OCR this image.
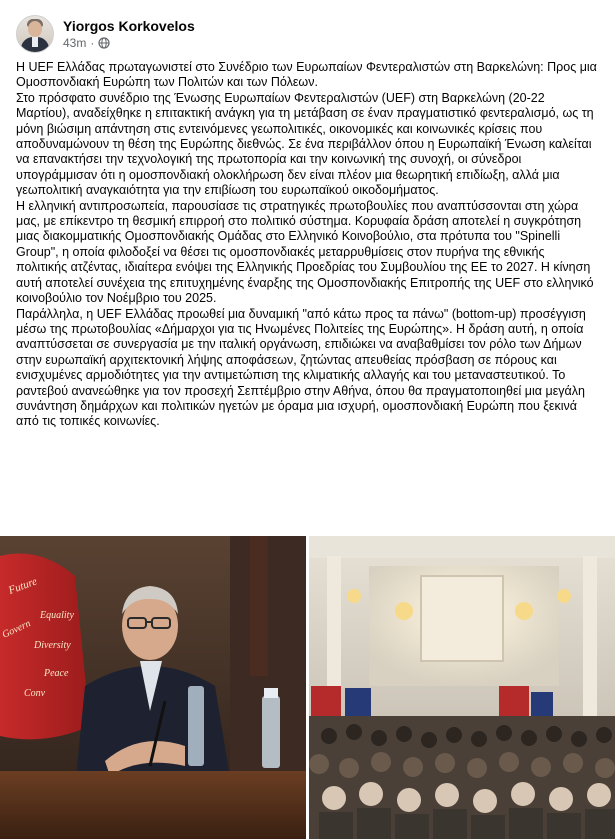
Yiorgos Korkovelos
43m ·

Η UEF Ελλάδας πρωταγωνιστεί στο Συνέδριο των Ευρωπαίων Φεντεραλιστών στη Βαρκελώνη: Προς μια Ομοσπονδιακή Ευρώπη των Πολιτών και των Πόλεων.

Στο πρόσφατο συνέδριο της Ένωσης Ευρωπαίων Φεντεραλιστών (UEF) στη Βαρκελώνη (20-22 Μαρτίου), αναδείχθηκε η επιτακτική ανάγκη για τη μετάβαση σε έναν πραγματιστικό φεντεραλισμό, ως τη μόνη βιώσιμη απάντηση στις εντεινόμενες γεωπολιτικές, οικονομικές και κοινωνικές κρίσεις που αποδυναμώνουν τη θέση της Ευρώπης διεθνώς. Σε ένα περιβάλλον όπου η Ευρωπαϊκή Ένωση καλείται να επανακτήσει την τεχνολογική της πρωτοπορία και την κοινωνική της συνοχή, οι σύνεδροι υπογράμμισαν ότι η ομοσπονδιακή ολοκλήρωση δεν είναι πλέον μια θεωρητική επιδίωξη, αλλά μια γεωπολιτική αναγκαιότητα για την επιβίωση του ευρωπαϊκού οικοδομήματος.

Η ελληνική αντιπροσωπεία, παρουσίασε τις στρατηγικές πρωτοβουλίες που αναπτύσσονται στη χώρα μας, με επίκεντρο τη θεσμική επιρροή στο πολιτικό σύστημα. Κορυφαία δράση αποτελεί η συγκρότηση μιας διακομματικής Ομοσπονδιακής Ομάδας στο Ελληνικό Κοινοβούλιο, στα πρότυπα του "Spinelli Group", η οποία φιλοδοξεί να θέσει τις ομοσπονδιακές μεταρρυθμίσεις στον πυρήνα της εθνικής πολιτικής ατζέντας, ιδιαίτερα ενόψει της Ελληνικής Προεδρίας του Συμβουλίου της ΕΕ το 2027. Η κίνηση αυτή αποτελεί συνέχεια της επιτυχημένης έναρξης της Ομοσπονδιακής Επιτροπής της UEF στο ελληνικό κοινοβούλιο τον Νοέμβριο του 2025.

Παράλληλα, η UEF Ελλάδας προωθεί μια δυναμική "από κάτω προς τα πάνω" (bottom-up) προσέγγιση μέσω της πρωτοβουλίας «Δήμαρχοι για τις Ηνωμένες Πολιτείες της Ευρώπης». Η δράση αυτή, η οποία αναπτύσσεται σε συνεργασία με την ιταλική οργάνωση, επιδιώκει να αναβαθμίσει τον ρόλο των Δήμων στην ευρωπαϊκή αρχιτεκτονική λήψης αποφάσεων, ζητώντας απευθείας πρόσβαση σε πόρους και ενισχυμένες αρμοδιότητες για την αντιμετώπιση της κλιματικής αλλαγής και του μεταναστευτικού. Το ραντεβού ανανεώθηκε για τον προσεχή Σεπτέμβριο στην Αθήνα, όπου θα πραγματοποιηθεί μια μεγάλη συνάντηση δημάρχων και πολιτικών ηγετών με όραμα μια ισχυρή, ομοσπονδιακή Ευρώπη που ξεκινά από τις τοπικές κοινωνίες.

Future
Equality
Govern
Diversity
Peace
Conv
